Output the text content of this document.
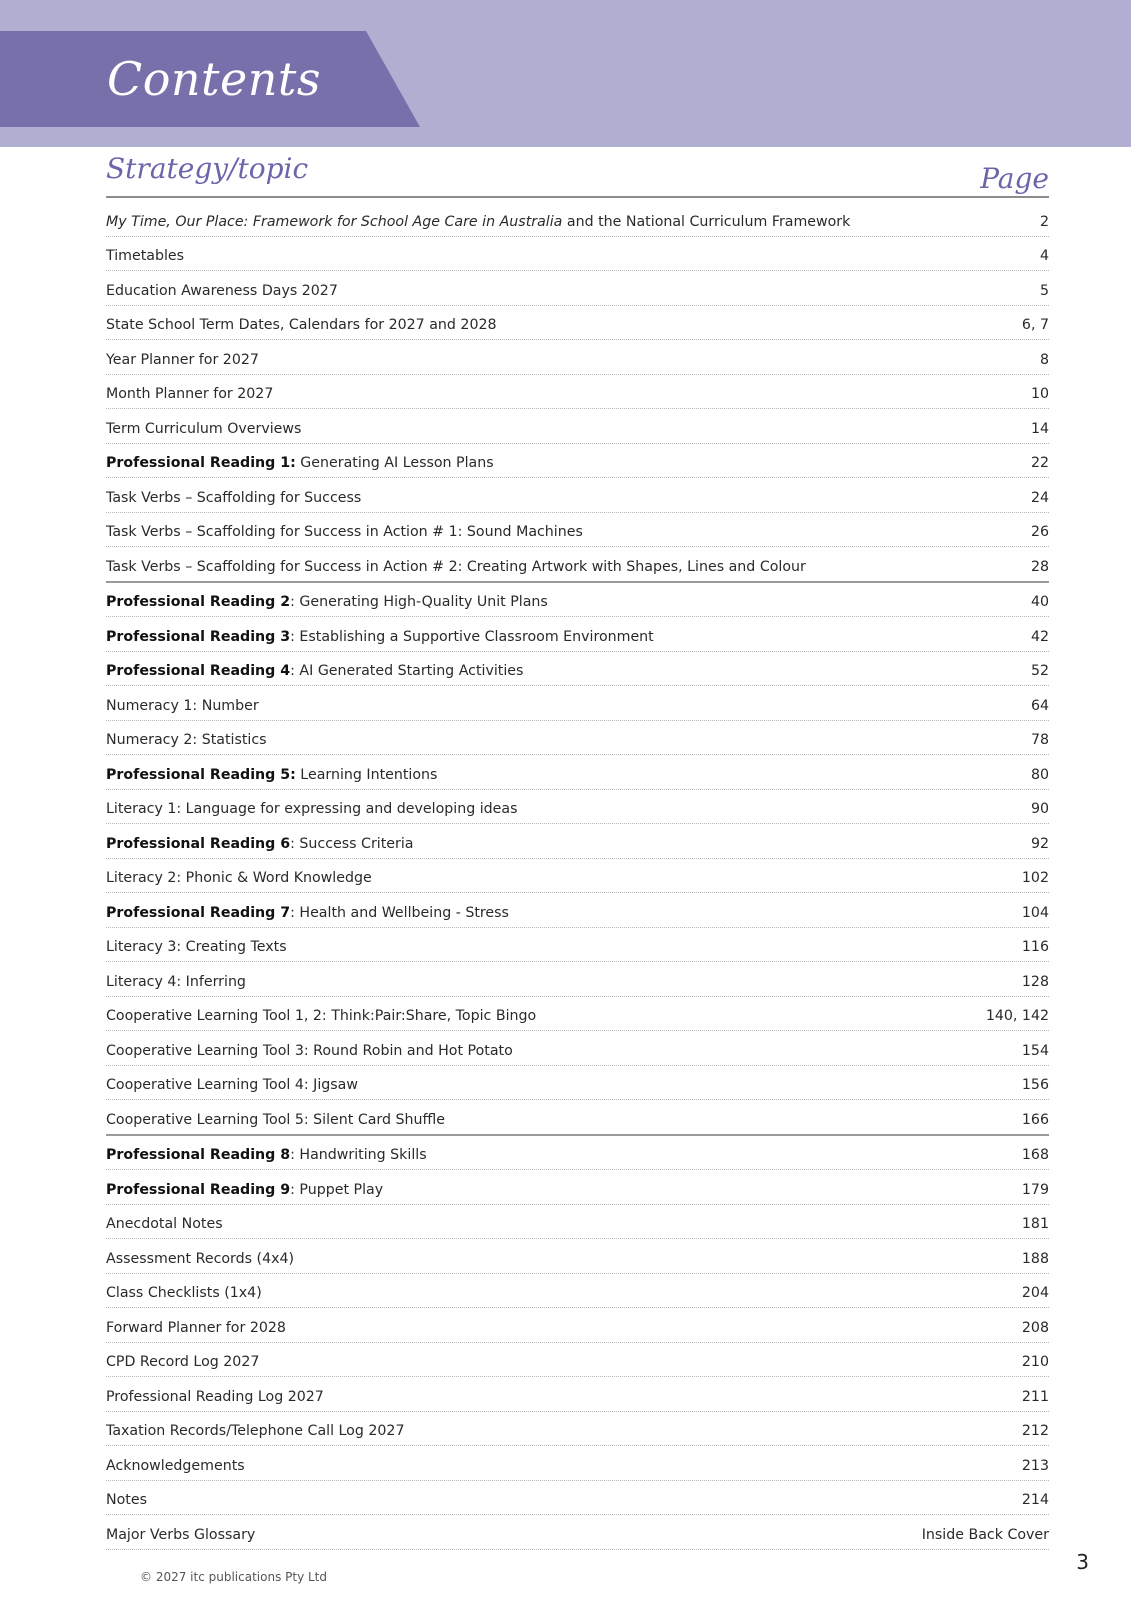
Contents
Strategy/topic	Page
My Time, Our Place: Framework for School Age Care in Australia and the National Curriculum Framework	2
Timetables	4
Education Awareness Days 2027	5
State School Term Dates, Calendars for 2027 and 2028	6, 7
Year Planner for 2027	8
Month Planner for 2027	10
Term Curriculum Overviews	14
Professional Reading 1: Generating AI Lesson Plans	22
Task Verbs – Scaffolding for Success	24
Task Verbs – Scaffolding for Success in Action # 1: Sound Machines	26
Task Verbs – Scaffolding for Success in Action # 2: Creating Artwork with Shapes, Lines and Colour	28
Professional Reading 2: Generating High-Quality Unit Plans	40
Professional Reading 3: Establishing a Supportive Classroom Environment	42
Professional Reading 4: AI Generated Starting Activities	52
Numeracy 1: Number	64
Numeracy 2: Statistics	78
Professional Reading 5: Learning Intentions	80
Literacy 1: Language for expressing and developing ideas	90
Professional Reading 6: Success Criteria	92
Literacy 2: Phonic & Word Knowledge	102
Professional Reading 7: Health and Wellbeing - Stress	104
Literacy 3: Creating Texts	116
Literacy 4: Inferring	128
Cooperative Learning Tool 1, 2: Think:Pair:Share, Topic Bingo	140, 142
Cooperative Learning Tool 3: Round Robin and Hot Potato	154
Cooperative Learning Tool 4: Jigsaw	156
Cooperative Learning Tool 5: Silent Card Shuffle	166
Professional Reading 8: Handwriting Skills	168
Professional Reading 9: Puppet Play	179
Anecdotal Notes	181
Assessment Records (4x4)	188
Class Checklists (1x4)	204
Forward Planner for 2028	208
CPD Record Log 2027	210
Professional Reading Log 2027	211
Taxation Records/Telephone Call Log 2027	212
Acknowledgements	213
Notes	214
Major Verbs Glossary	Inside Back Cover
© 2027 itc publications Pty Ltd
3
